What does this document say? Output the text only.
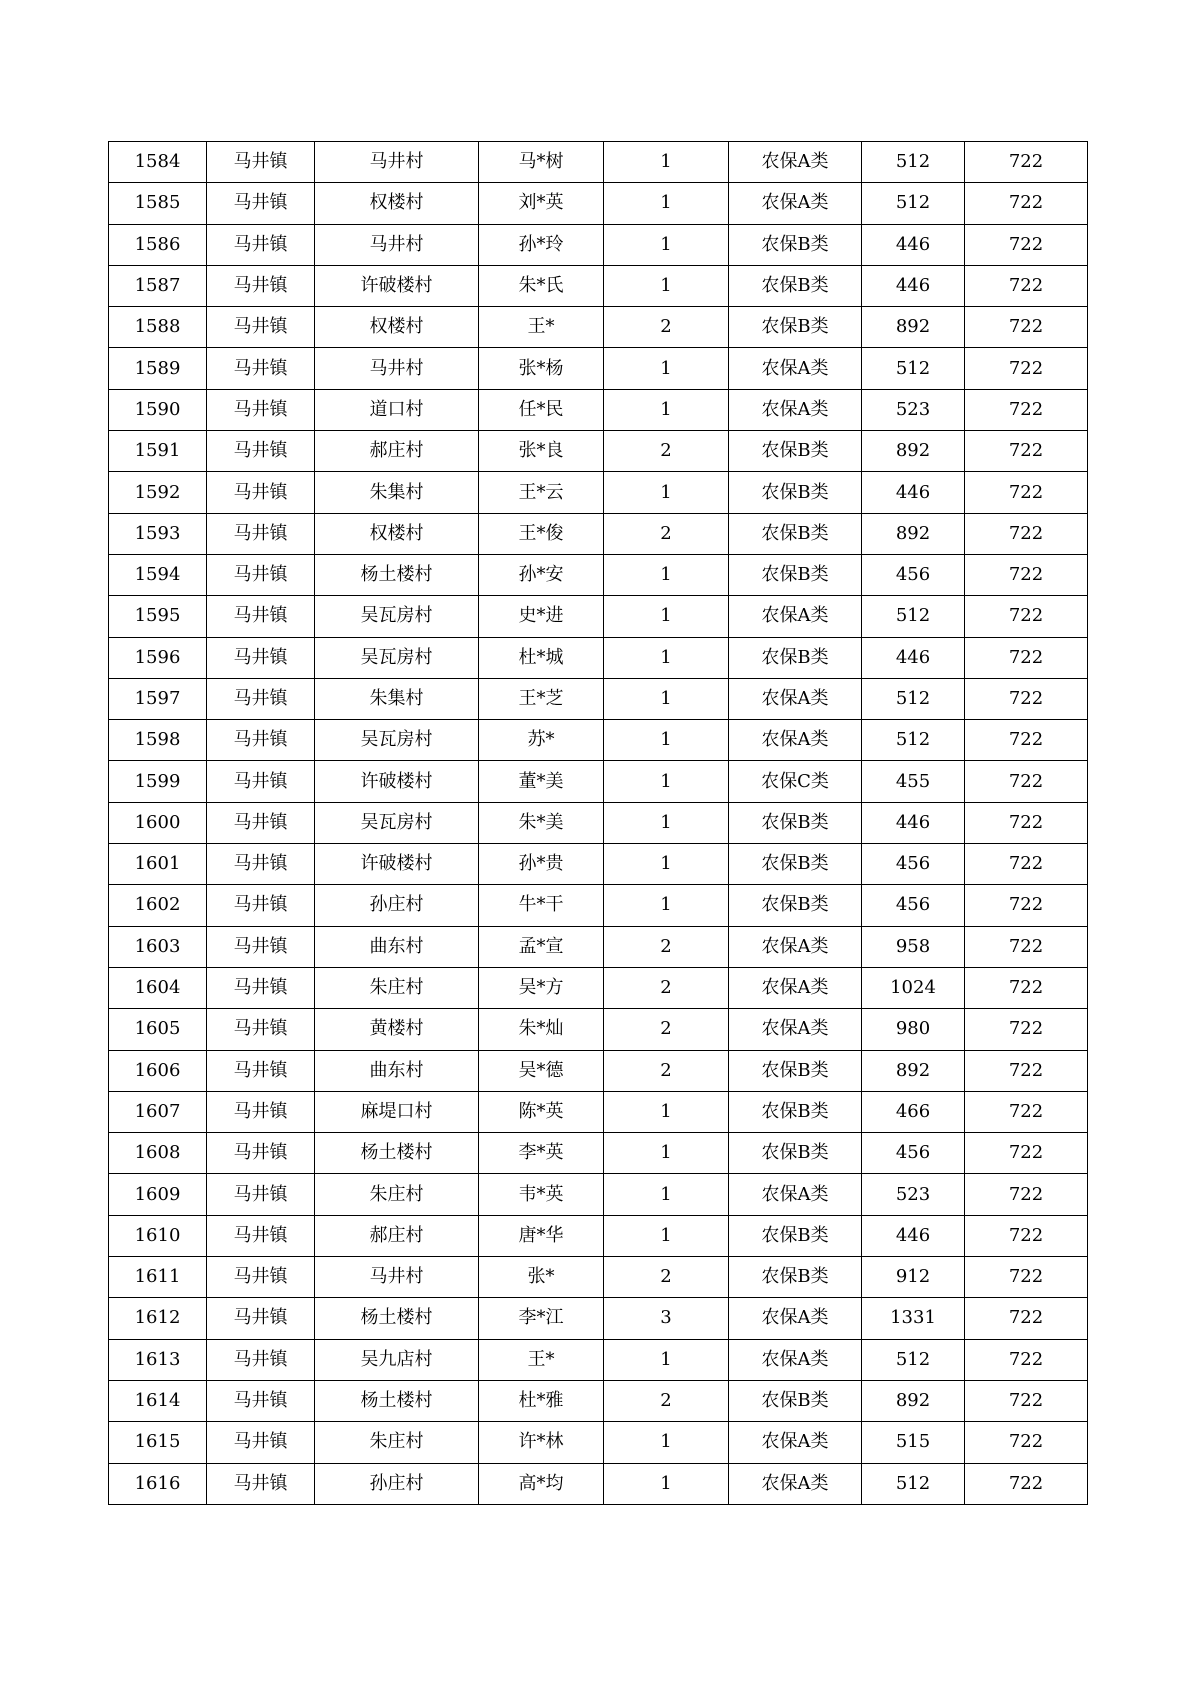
1584	马井镇	马井村	马*树	1	农保A类	512	722
1585	马井镇	权楼村	刘*英	1	农保A类	512	722
1586	马井镇	马井村	孙*玲	1	农保B类	446	722
1587	马井镇	许破楼村	朱*氏	1	农保B类	446	722
1588	马井镇	权楼村	王*	2	农保B类	892	722
1589	马井镇	马井村	张*杨	1	农保A类	512	722
1590	马井镇	道口村	任*民	1	农保A类	523	722
1591	马井镇	郝庄村	张*良	2	农保B类	892	722
1592	马井镇	朱集村	王*云	1	农保B类	446	722
1593	马井镇	权楼村	王*俊	2	农保B类	892	722
1594	马井镇	杨土楼村	孙*安	1	农保B类	456	722
1595	马井镇	吴瓦房村	史*进	1	农保A类	512	722
1596	马井镇	吴瓦房村	杜*城	1	农保B类	446	722
1597	马井镇	朱集村	王*芝	1	农保A类	512	722
1598	马井镇	吴瓦房村	苏*	1	农保A类	512	722
1599	马井镇	许破楼村	董*美	1	农保C类	455	722
1600	马井镇	吴瓦房村	朱*美	1	农保B类	446	722
1601	马井镇	许破楼村	孙*贵	1	农保B类	456	722
1602	马井镇	孙庄村	牛*干	1	农保B类	456	722
1603	马井镇	曲东村	孟*宣	2	农保A类	958	722
1604	马井镇	朱庄村	吴*方	2	农保A类	1024	722
1605	马井镇	黄楼村	朱*灿	2	农保A类	980	722
1606	马井镇	曲东村	吴*德	2	农保B类	892	722
1607	马井镇	麻堤口村	陈*英	1	农保B类	466	722
1608	马井镇	杨土楼村	李*英	1	农保B类	456	722
1609	马井镇	朱庄村	韦*英	1	农保A类	523	722
1610	马井镇	郝庄村	唐*华	1	农保B类	446	722
1611	马井镇	马井村	张*	2	农保B类	912	722
1612	马井镇	杨土楼村	李*江	3	农保A类	1331	722
1613	马井镇	吴九店村	王*	1	农保A类	512	722
1614	马井镇	杨土楼村	杜*雅	2	农保B类	892	722
1615	马井镇	朱庄村	许*林	1	农保A类	515	722
1616	马井镇	孙庄村	高*均	1	农保A类	512	722
